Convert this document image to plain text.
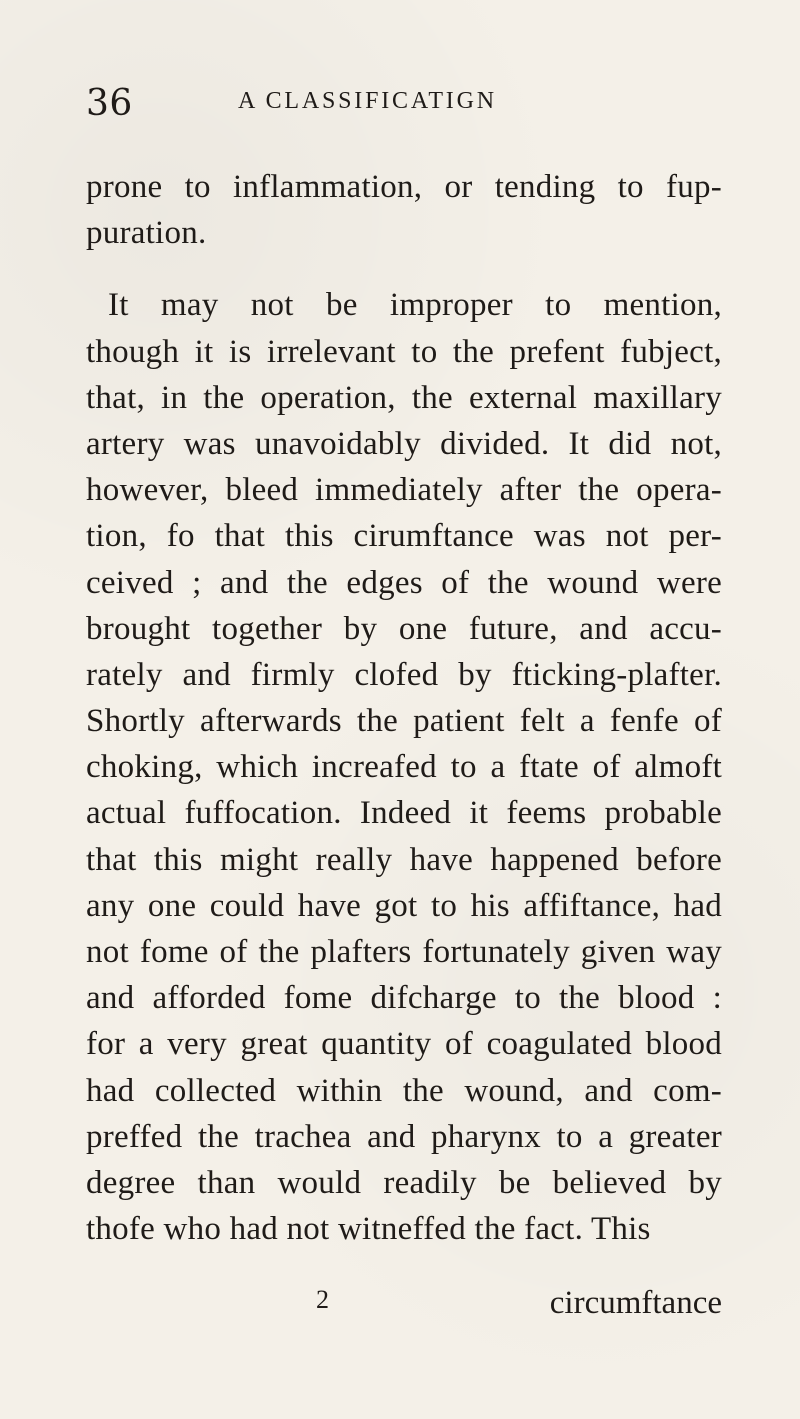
36	A CLASSIFICATIGN
prone to inflammation, or tending to fup-
puration.
It may not be improper to mention,
though it is irrelevant to the prefent fubject,
that, in the operation, the external maxillary
artery was unavoidably divided. It did not,
however, bleed immediately after the opera-
tion, fo that this cirumftance was not per-
ceived ; and the edges of the wound were
brought together by one future, and accu-
rately and firmly clofed by fticking-plafter.
Shortly afterwards the patient felt a fenfe of
choking, which increafed to a ftate of almoft
actual fuffocation. Indeed it feems probable
that this might really have happened before
any one could have got to his affiftance, had
not fome of the plafters fortunately given way
and afforded fome difcharge to the blood :
for a very great quantity of coagulated blood
had collected within the wound, and com-
preffed the trachea and pharynx to a greater
degree than would readily be believed by
thofe who had not witneffed the fact. This
2	circumftance
